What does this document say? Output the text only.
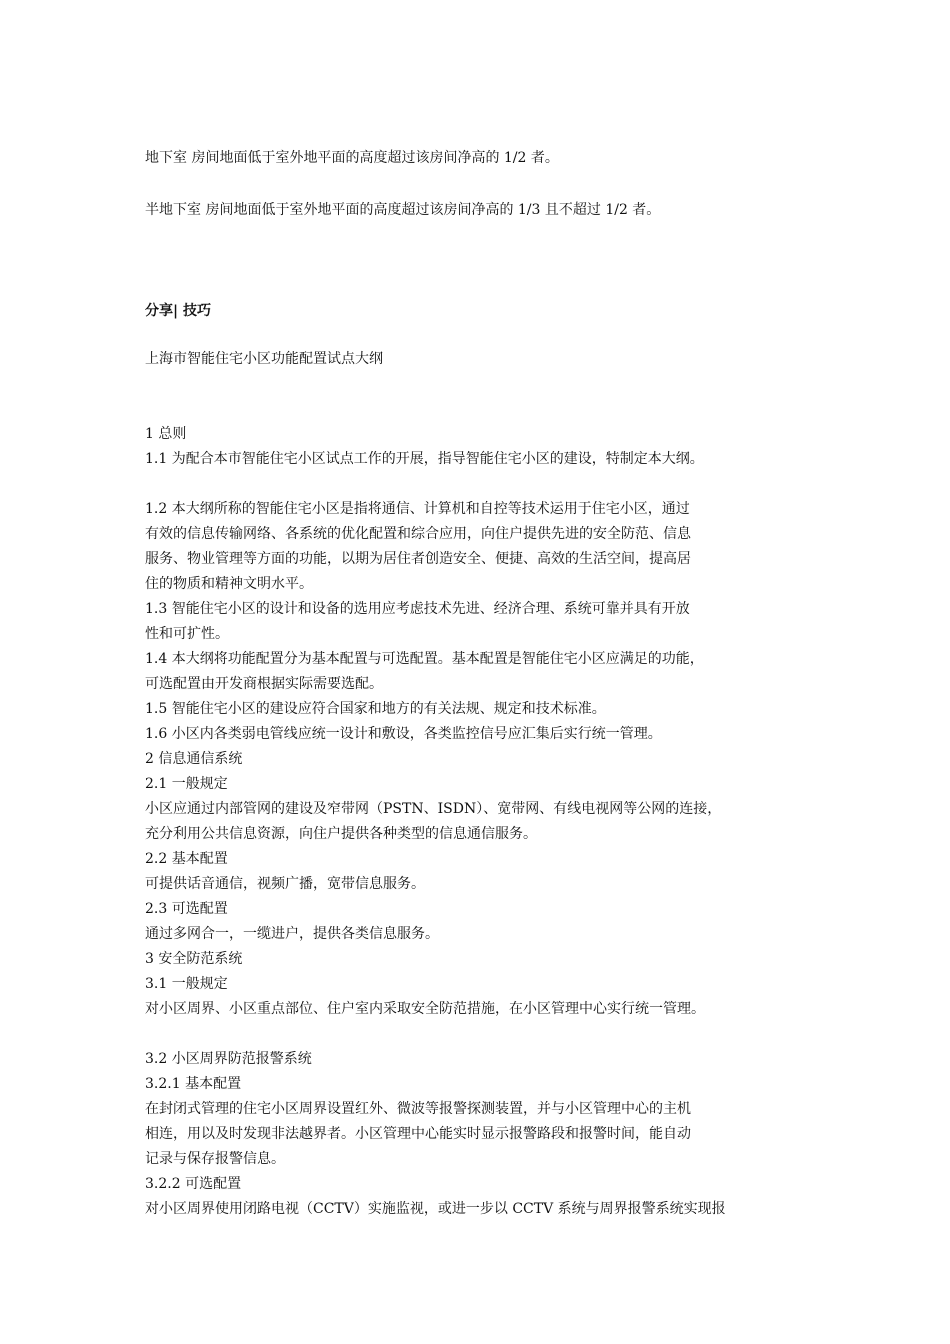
地下室 房间地面低于室外地平面的高度超过该房间净高的 1/2 者。
半地下室 房间地面低于室外地平面的高度超过该房间净高的 1/3 且不超过 1/2 者。
分享| 技巧
上海市智能住宅小区功能配置试点大纲
1 总则
1.1 为配合本市智能住宅小区试点工作的开展，指导智能住宅小区的建设，特制定本大纲。
1.2 本大纲所称的智能住宅小区是指将通信、计算机和自控等技术运用于住宅小区，通过
有效的信息传输网络、各系统的优化配置和综合应用，向住户提供先进的安全防范、信息
服务、物业管理等方面的功能，以期为居住者创造安全、便捷、高效的生活空间，提高居
住的物质和精神文明水平。
1.3 智能住宅小区的设计和设备的选用应考虑技术先进、经济合理、系统可靠并具有开放
性和可扩性。
1.4 本大纲将功能配置分为基本配置与可选配置。基本配置是智能住宅小区应满足的功能，
可选配置由开发商根据实际需要选配。
1.5 智能住宅小区的建设应符合国家和地方的有关法规、规定和技术标准。
1.6 小区内各类弱电管线应统一设计和敷设，各类监控信号应汇集后实行统一管理。
2 信息通信系统
2.1 一般规定
小区应通过内部管网的建设及窄带网（PSTN、ISDN）、宽带网、有线电视网等公网的连接，
充分利用公共信息资源，向住户提供各种类型的信息通信服务。
2.2 基本配置
可提供话音通信，视频广播，宽带信息服务。
2.3 可选配置
通过多网合一，一缆进户，提供各类信息服务。
3 安全防范系统
3.1 一般规定
对小区周界、小区重点部位、住户室内采取安全防范措施，在小区管理中心实行统一管理。
3.2 小区周界防范报警系统
3.2.1 基本配置
在封闭式管理的住宅小区周界设置红外、微波等报警探测装置，并与小区管理中心的主机
相连，用以及时发现非法越界者。小区管理中心能实时显示报警路段和报警时间，能自动
记录与保存报警信息。
3.2.2 可选配置
对小区周界使用闭路电视（CCTV）实施监视，或进一步以 CCTV 系统与周界报警系统实现报
